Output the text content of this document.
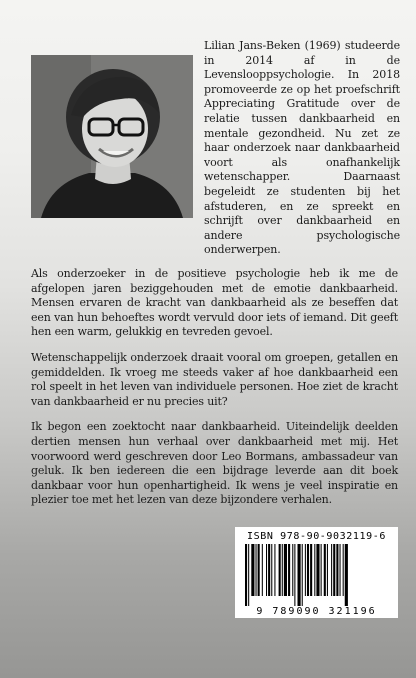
Lilian Jans-Beken (1969) studeerde in 2014 af in de Levenslooppsychologie. In 2018 promoveerde ze op het proefschrift Appreciating Gratitude over de relatie tussen dankbaarheid en mentale gezondheid. Nu zet ze haar onderzoek naar dankbaarheid voort als onafhankelijk wetenschapper. Daarnaast begeleidt ze studenten bij het afstuderen, en ze spreekt en schrijft over dankbaarheid en andere psychologische onderwerpen.

Als onderzoeker in de positieve psychologie heb ik me de afgelopen jaren beziggehouden met de emotie dankbaarheid. Mensen ervaren de kracht van dankbaarheid als ze beseffen dat een van hun behoeftes wordt vervuld door iets of iemand. Dit geeft hen een warm, gelukkig en tevreden gevoel.

Wetenschappelijk onderzoek draait vooral om groepen, getallen en gemiddelden. Ik vroeg me steeds vaker af hoe dankbaarheid een rol speelt in het leven van individuele personen. Hoe ziet de kracht van dankbaarheid er nu precies uit?

Ik begon een zoektocht naar dankbaarheid. Uiteindelijk deelden dertien mensen hun verhaal over dankbaarheid met mij. Het voorwoord werd geschreven door Leo Bormans, ambassadeur van geluk. Ik ben iedereen die een bijdrage leverde aan dit boek dankbaar voor hun openhartigheid. Ik wens je veel inspiratie en plezier toe met het lezen van deze bijzondere verhalen.

ISBN 978-90-9032119-6
9 789090 321196
